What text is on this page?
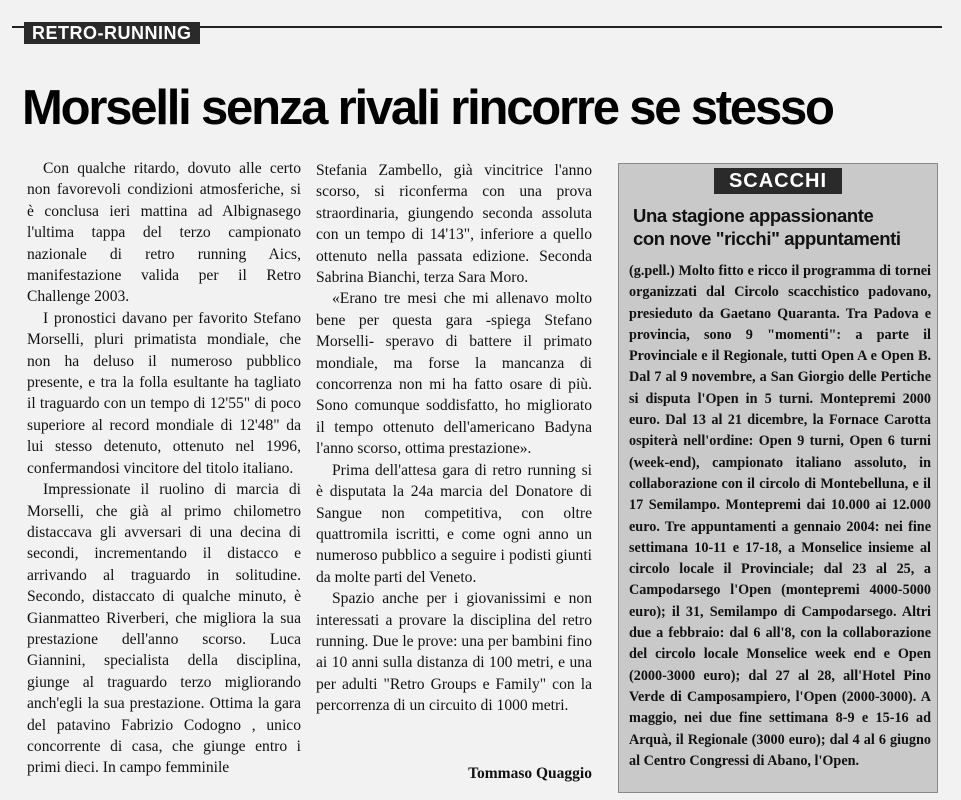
RETRO-RUNNING
Morselli senza rivali rincorre se stesso

Con qualche ritardo, dovuto alle certo non favorevoli condizioni atmosferiche, si è conclusa ieri mattina ad Albignasego l'ultima tappa del terzo campionato nazionale di retro running Aics, manifestazione valida per il Retro Challenge 2003.

I pronostici davano per favorito Stefano Morselli, pluri primatista mondiale, che non ha deluso il numeroso pubblico presente, e tra la folla esultante ha tagliato il traguardo con un tempo di 12'55" di poco superiore al record mondiale di 12'48" da lui stesso detenuto, ottenuto nel 1996, confermandosi vincitore del titolo italiano.

Impressionate il ruolino di marcia di Morselli, che già al primo chilometro distaccava gli avversari di una decina di secondi, incrementando il distacco e arrivando al traguardo in solitudine. Secondo, distaccato di qualche minuto, è Gianmatteo Riverberi, che migliora la sua prestazione dell'anno scorso. Luca Giannini, specialista della disciplina, giunge al traguardo terzo migliorando anch'egli la sua prestazione. Ottima la gara del patavino Fabrizio Codogno , unico concorrente di casa, che giunge entro i primi dieci. In campo femminile

Stefania Zambello, già vincitrice l'anno scorso, si riconferma con una prova straordinaria, giungendo seconda assoluta con un tempo di 14'13", inferiore a quello ottenuto nella passata edizione. Seconda Sabrina Bianchi, terza Sara Moro.

«Erano tre mesi che mi allenavo molto bene per questa gara -spiega Stefano Morselli- speravo di battere il primato mondiale, ma forse la mancanza di concorrenza non mi ha fatto osare di più. Sono comunque soddisfatto, ho migliorato il tempo ottenuto dell'americano Badyna l'anno scorso, ottima prestazione».

Prima dell'attesa gara di retro running si è disputata la 24a marcia del Donatore di Sangue non competitiva, con oltre quattromila iscritti, e come ogni anno un numeroso pubblico a seguire i podisti giunti da molte parti del Veneto.

Spazio anche per i giovanissimi e non interessati a provare la disciplina del retro running. Due le prove: una per bambini fino ai 10 anni sulla distanza di 100 metri, e una per adulti "Retro Groups e Family" con la percorrenza di un circuito di 1000 metri.

Tommaso Quaggio
SCACCHI
Una stagione appassionante
con nove "ricchi" appuntamenti

(g.pell.) Molto fitto e ricco il programma di tornei organizzati dal Circolo scacchistico padovano, presieduto da Gaetano Quaranta. Tra Padova e provincia, sono 9 "momenti": a parte il Provinciale e il Regionale, tutti Open A e Open B. Dal 7 al 9 novembre, a San Giorgio delle Pertiche si disputa l'Open in 5 turni. Montepremi 2000 euro. Dal 13 al 21 dicembre, la Fornace Carotta ospiterà nell'ordine: Open 9 turni, Open 6 turni (week-end), campionato italiano assoluto, in collaborazione con il circolo di Montebelluna, e il 17 Semilampo. Montepremi dai 10.000 ai 12.000 euro. Tre appuntamenti a gennaio 2004: nei fine settimana 10-11 e 17-18, a Monselice insieme al circolo locale il Provinciale; dal 23 al 25, a Campodarsego l'Open (montepremi 4000-5000 euro); il 31, Semilampo di Campodarsego. Altri due a febbraio: dal 6 all'8, con la collaborazione del circolo locale Monselice week end e Open (2000-3000 euro); dal 27 al 28, all'Hotel Pino Verde di Camposampiero, l'Open (2000-3000). A maggio, nei due fine settimana 8-9 e 15-16 ad Arquà, il Regionale (3000 euro); dal 4 al 6 giugno al Centro Congressi di Abano, l'Open.
